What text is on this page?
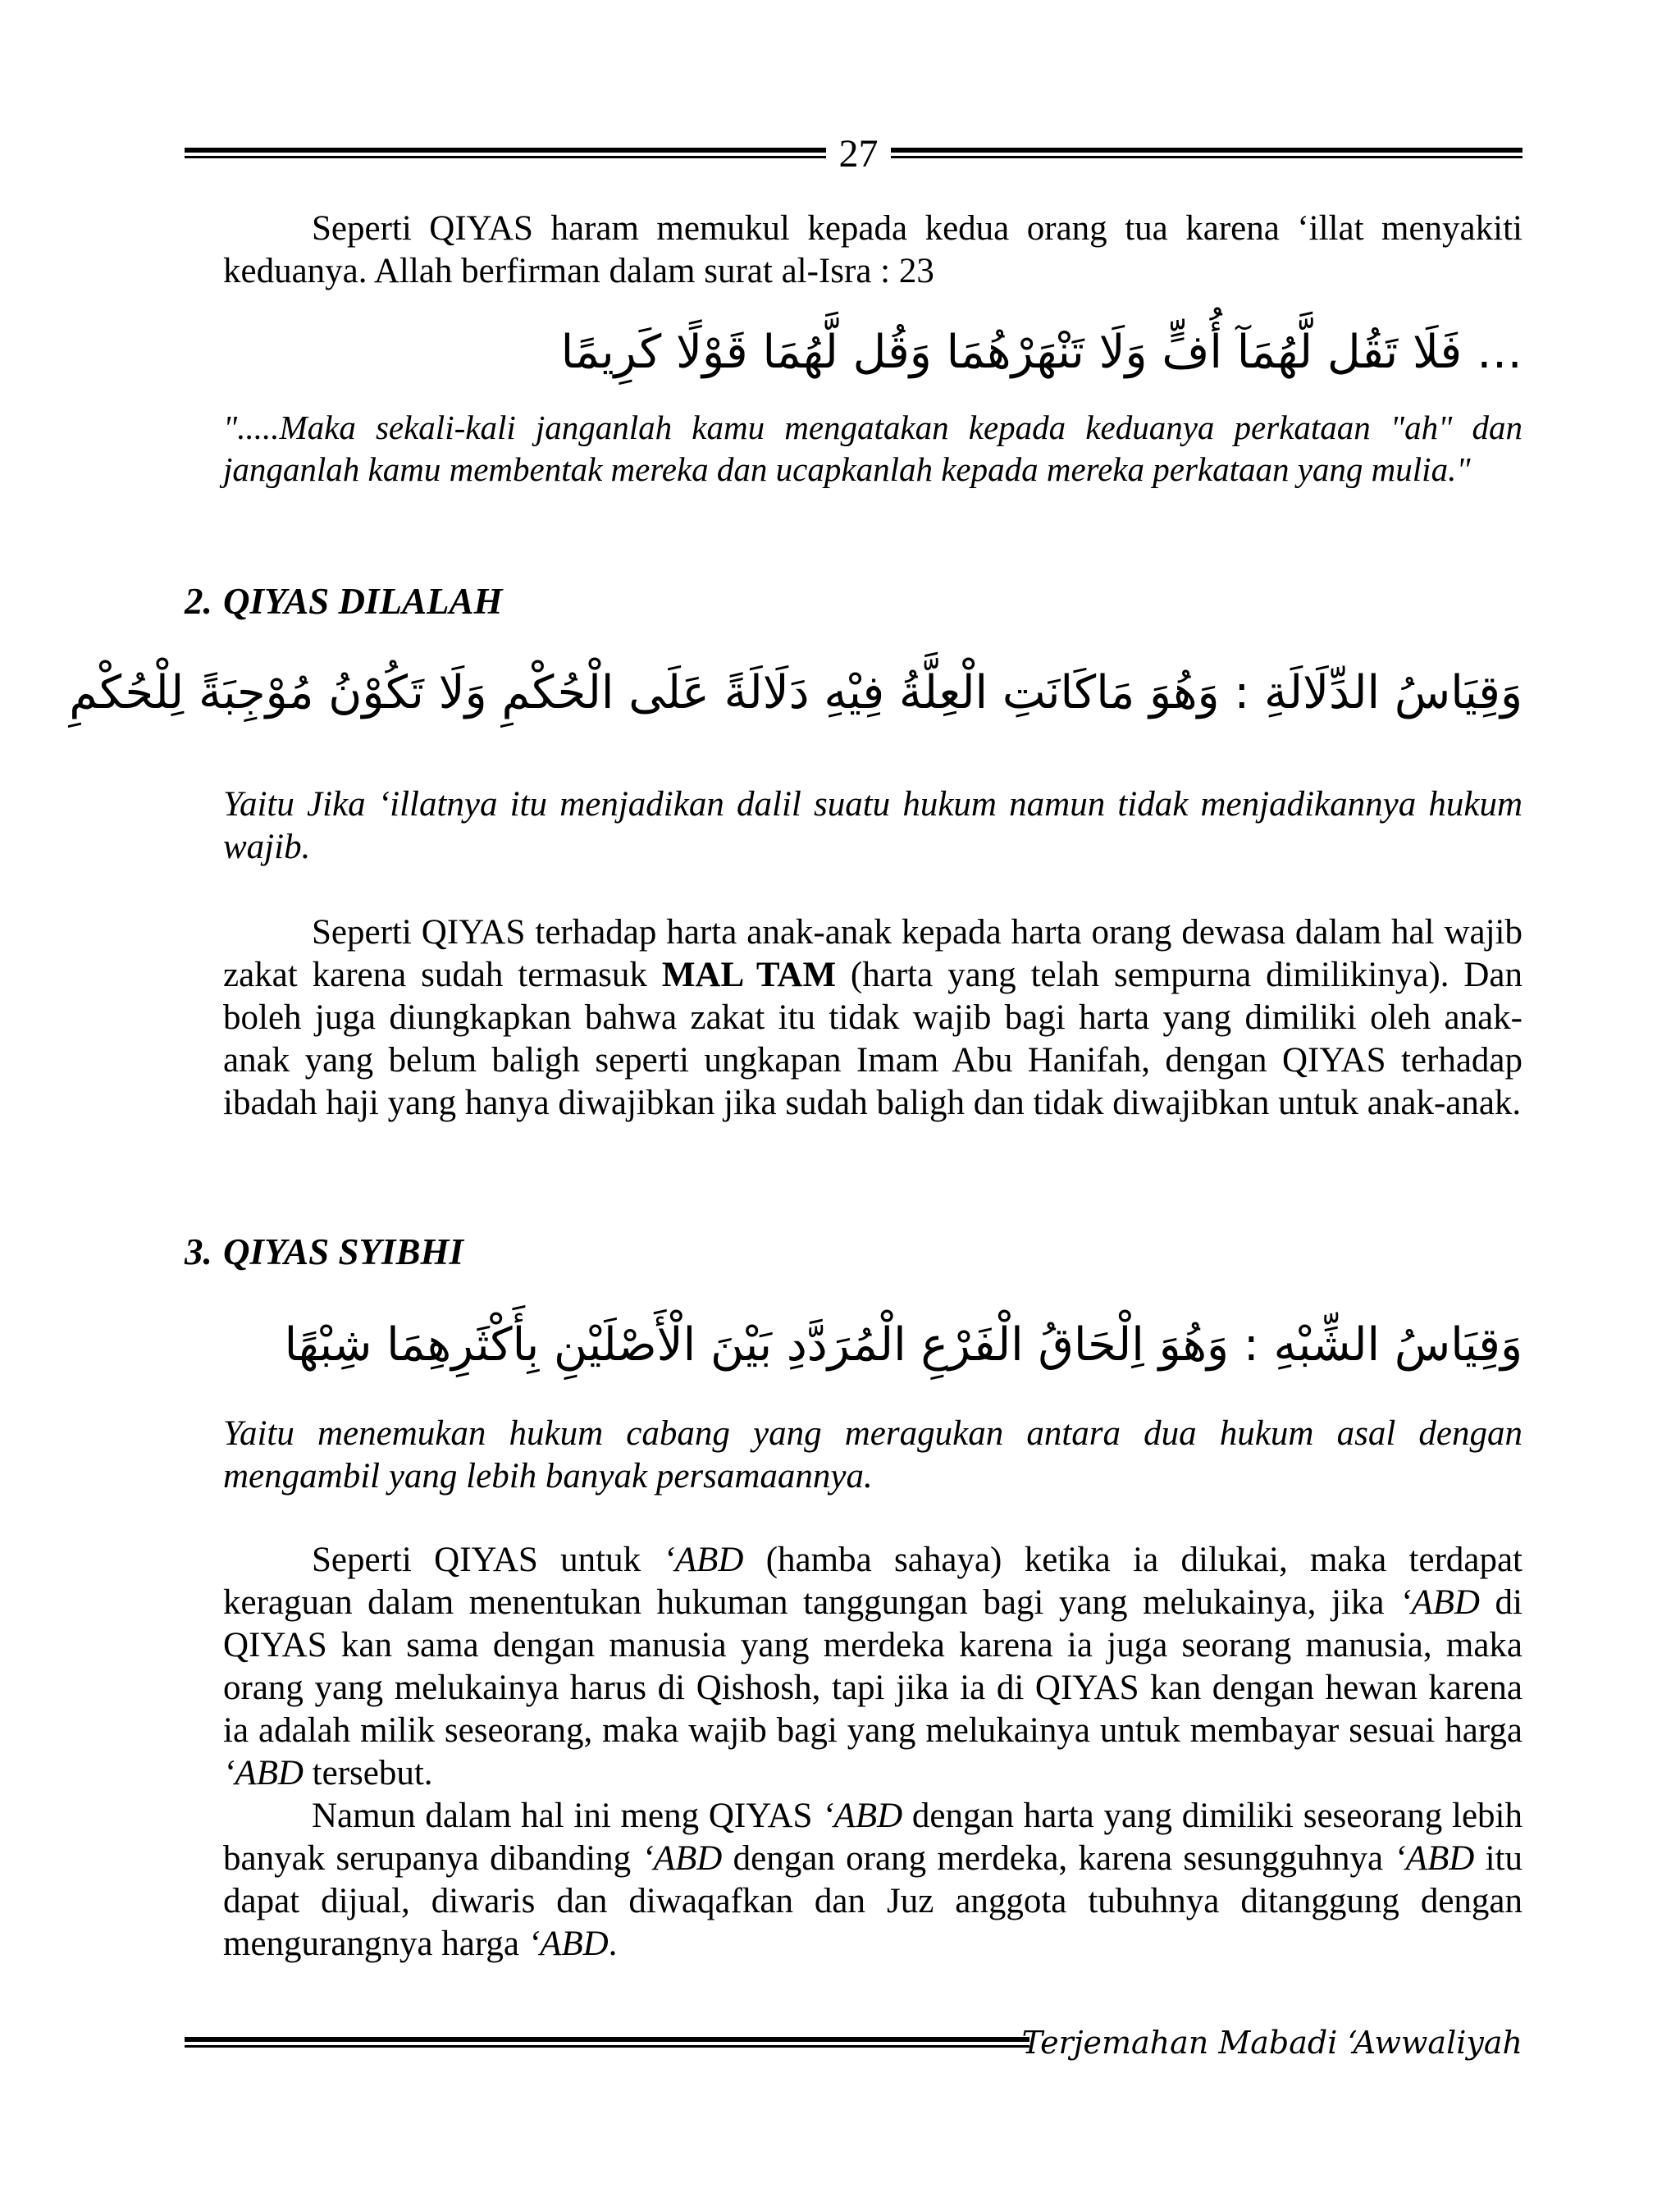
27

Seperti QIYAS haram memukul kepada kedua orang tua karena ‘illat menyakiti keduanya. Allah berfirman dalam surat al-Isra : 23

… فَلَا تَقُل لَّهُمَآ أُفٍّ وَلَا تَنْهَرْهُمَا وَقُل لَّهُمَا قَوْلًا كَرِيمًا

".....Maka sekali-kali janganlah kamu mengatakan kepada keduanya perkataan "ah" dan janganlah kamu membentak mereka dan ucapkanlah kepada mereka perkataan yang mulia."

2. QIYAS DILALAH
وَقِيَاسُ الدِّلَالَةِ : وَهُوَ مَاكَانَتِ الْعِلَّةُ فِيْهِ دَلَالَةً عَلَى الْحُكْمِ وَلَا تَكُوْنُ مُوْجِبَةً لِلْحُكْمِ

Yaitu Jika ‘illatnya itu menjadikan dalil suatu hukum namun tidak menjadikannya hukum wajib.

Seperti QIYAS terhadap harta anak-anak kepada harta orang dewasa dalam hal wajib zakat karena sudah termasuk MAL TAM (harta yang telah sempurna dimilikinya). Dan boleh juga diungkapkan bahwa zakat itu tidak wajib bagi harta yang dimiliki oleh anak-anak yang belum baligh seperti ungkapan Imam Abu Hanifah, dengan QIYAS terhadap ibadah haji yang hanya diwajibkan jika sudah baligh dan tidak diwajibkan untuk anak-anak.

3. QIYAS SYIBHI
وَقِيَاسُ الشِّبْهِ : وَهُوَ اِلْحَاقُ الْفَرْعِ الْمُرَدَّدِ بَيْنَ الْأَصْلَيْنِ بِأَكْثَرِهِمَا شِبْهًا

Yaitu menemukan hukum cabang yang meragukan antara dua hukum asal dengan mengambil yang lebih banyak persamaannya.

Seperti QIYAS untuk ‘ABD (hamba sahaya) ketika ia dilukai, maka terdapat keraguan dalam menentukan hukuman tanggungan bagi yang melukainya, jika ‘ABD di QIYAS kan sama dengan manusia yang merdeka karena ia juga seorang manusia, maka orang yang melukainya harus di Qishosh, tapi jika ia di QIYAS kan dengan hewan karena ia adalah milik seseorang, maka wajib bagi yang melukainya untuk membayar sesuai harga ‘ABD tersebut.

Namun dalam hal ini meng QIYAS ‘ABD dengan harta yang dimiliki seseorang lebih banyak serupanya dibanding ‘ABD dengan orang merdeka, karena sesungguhnya ‘ABD itu dapat dijual, diwaris dan diwaqafkan dan Juz anggota tubuhnya ditanggung dengan mengurangnya harga ‘ABD.

Terjemahan Mabadi ‘Awwaliyah
